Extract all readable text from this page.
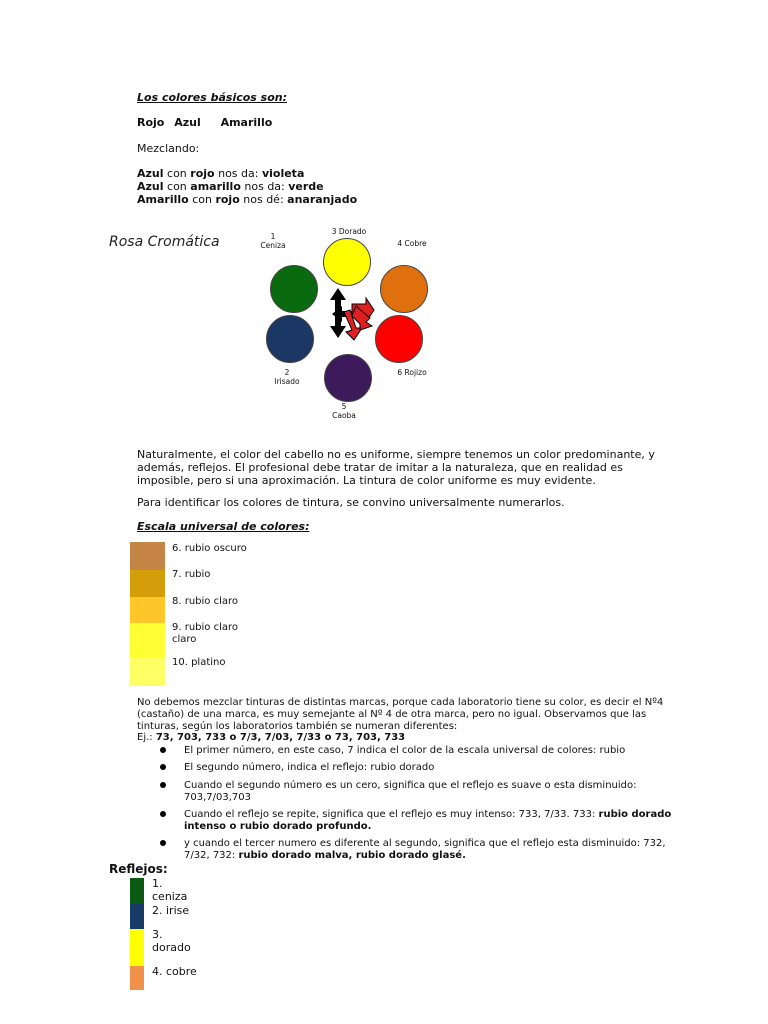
Los colores básicos son:
Rojo Azul Amarillo
Mezclando:
Azul con rojo nos da: violeta
Azul con amarillo nos da: verde
Amarillo con rojo nos dé: anaranjado
Rosa Cromática	1
Ceniza
3 Dorado
4 Cobre
2
Irisado
6 Rojizo
5
Caoba
Naturalmente, el color del cabello no es uniforme, siempre tenemos un color predominante, y además, reflejos. El profesional debe tratar de imitar a la naturaleza, que en realidad es imposible, pero si una aproximación. La tintura de color uniforme es muy evidente.
Para identificar los colores de tintura, se convino universalmente numerarlos.
Escala universal de colores:
6. rubio oscuro
7. rubio
8. rubio claro
9. rubio claro claro
10. platino
No debemos mezclar tinturas de distintas marcas, porque cada laboratorio tiene su color, es decir el Nº4 (castaño) de una marca, es muy semejante al Nº 4 de otra marca, pero no igual. Observamos que las tinturas, según los laboratorios también se numeran diferentes:
Ej.: 73, 703, 733 o 7/3, 7/03, 7/33 o 73, 703, 733
El primer número, en este caso, 7 indica el color de la escala universal de colores: rubio
El segundo número, indica el reflejo: rubio dorado
Cuando el segundo número es un cero, significa que el reflejo es suave o esta disminuido: 703,7/03,703
Cuando el reflejo se repite, significa que el reflejo es muy intenso: 733, 7/33. 733: rubio dorado intenso o rubio dorado profundo.
y cuando el tercer numero es diferente al segundo, significa que el reflejo esta disminuido: 732, 7/32, 732: rubio dorado malva, rubio dorado glasé.
Reflejos:
1. ceniza
2. irise
3. dorado
4. cobre
